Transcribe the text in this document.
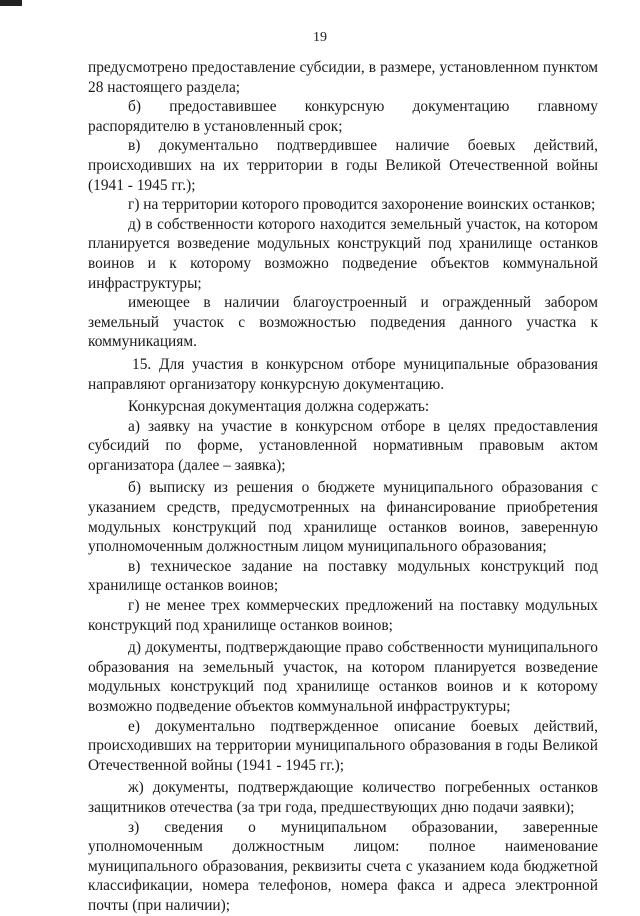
19

предусмотрено предоставление субсидии, в размере, установленном пунктом 28 настоящего раздела;

б) предоставившее конкурсную документацию главному распорядителю в установленный срок;

в) документально подтвердившее наличие боевых действий, происходивших на их территории в годы Великой Отечественной войны (1941 - 1945 гг.);

г) на территории которого проводится захоронение воинских останков;

д) в собственности которого находится земельный участок, на котором планируется возведение модульных конструкций под хранилище останков воинов и к которому возможно подведение объектов коммунальной инфраструктуры;

имеющее в наличии благоустроенный и огражденный забором земельный участок с возможностью подведения данного участка к коммуникациям.

15. Для участия в конкурсном отборе муниципальные образования направляют организатору конкурсную документацию.

Конкурсная документация должна содержать:

а) заявку на участие в конкурсном отборе в целях предоставления субсидий по форме, установленной нормативным правовым актом организатора (далее – заявка);

б) выписку из решения о бюджете муниципального образования с указанием средств, предусмотренных на финансирование приобретения модульных конструкций под хранилище останков воинов, заверенную уполномоченным должностным лицом муниципального образования;

в) техническое задание на поставку модульных конструкций под хранилище останков воинов;

г) не менее трех коммерческих предложений на поставку модульных конструкций под хранилище останков воинов;

д) документы, подтверждающие право собственности муниципального образования на земельный участок, на котором планируется возведение модульных конструкций под хранилище останков воинов и к которому возможно подведение объектов коммунальной инфраструктуры;

е) документально подтвержденное описание боевых действий, происходивших на территории муниципального образования в годы Великой Отечественной войны (1941 - 1945 гг.);

ж) документы, подтверждающие количество погребенных останков защитников отечества (за три года, предшествующих дню подачи заявки);

з) сведения о муниципальном образовании, заверенные уполномоченным должностным лицом: полное наименование муниципального образования, реквизиты счета с указанием кода бюджетной классификации, номера телефонов, номера факса и адреса электронной почты (при наличии);
